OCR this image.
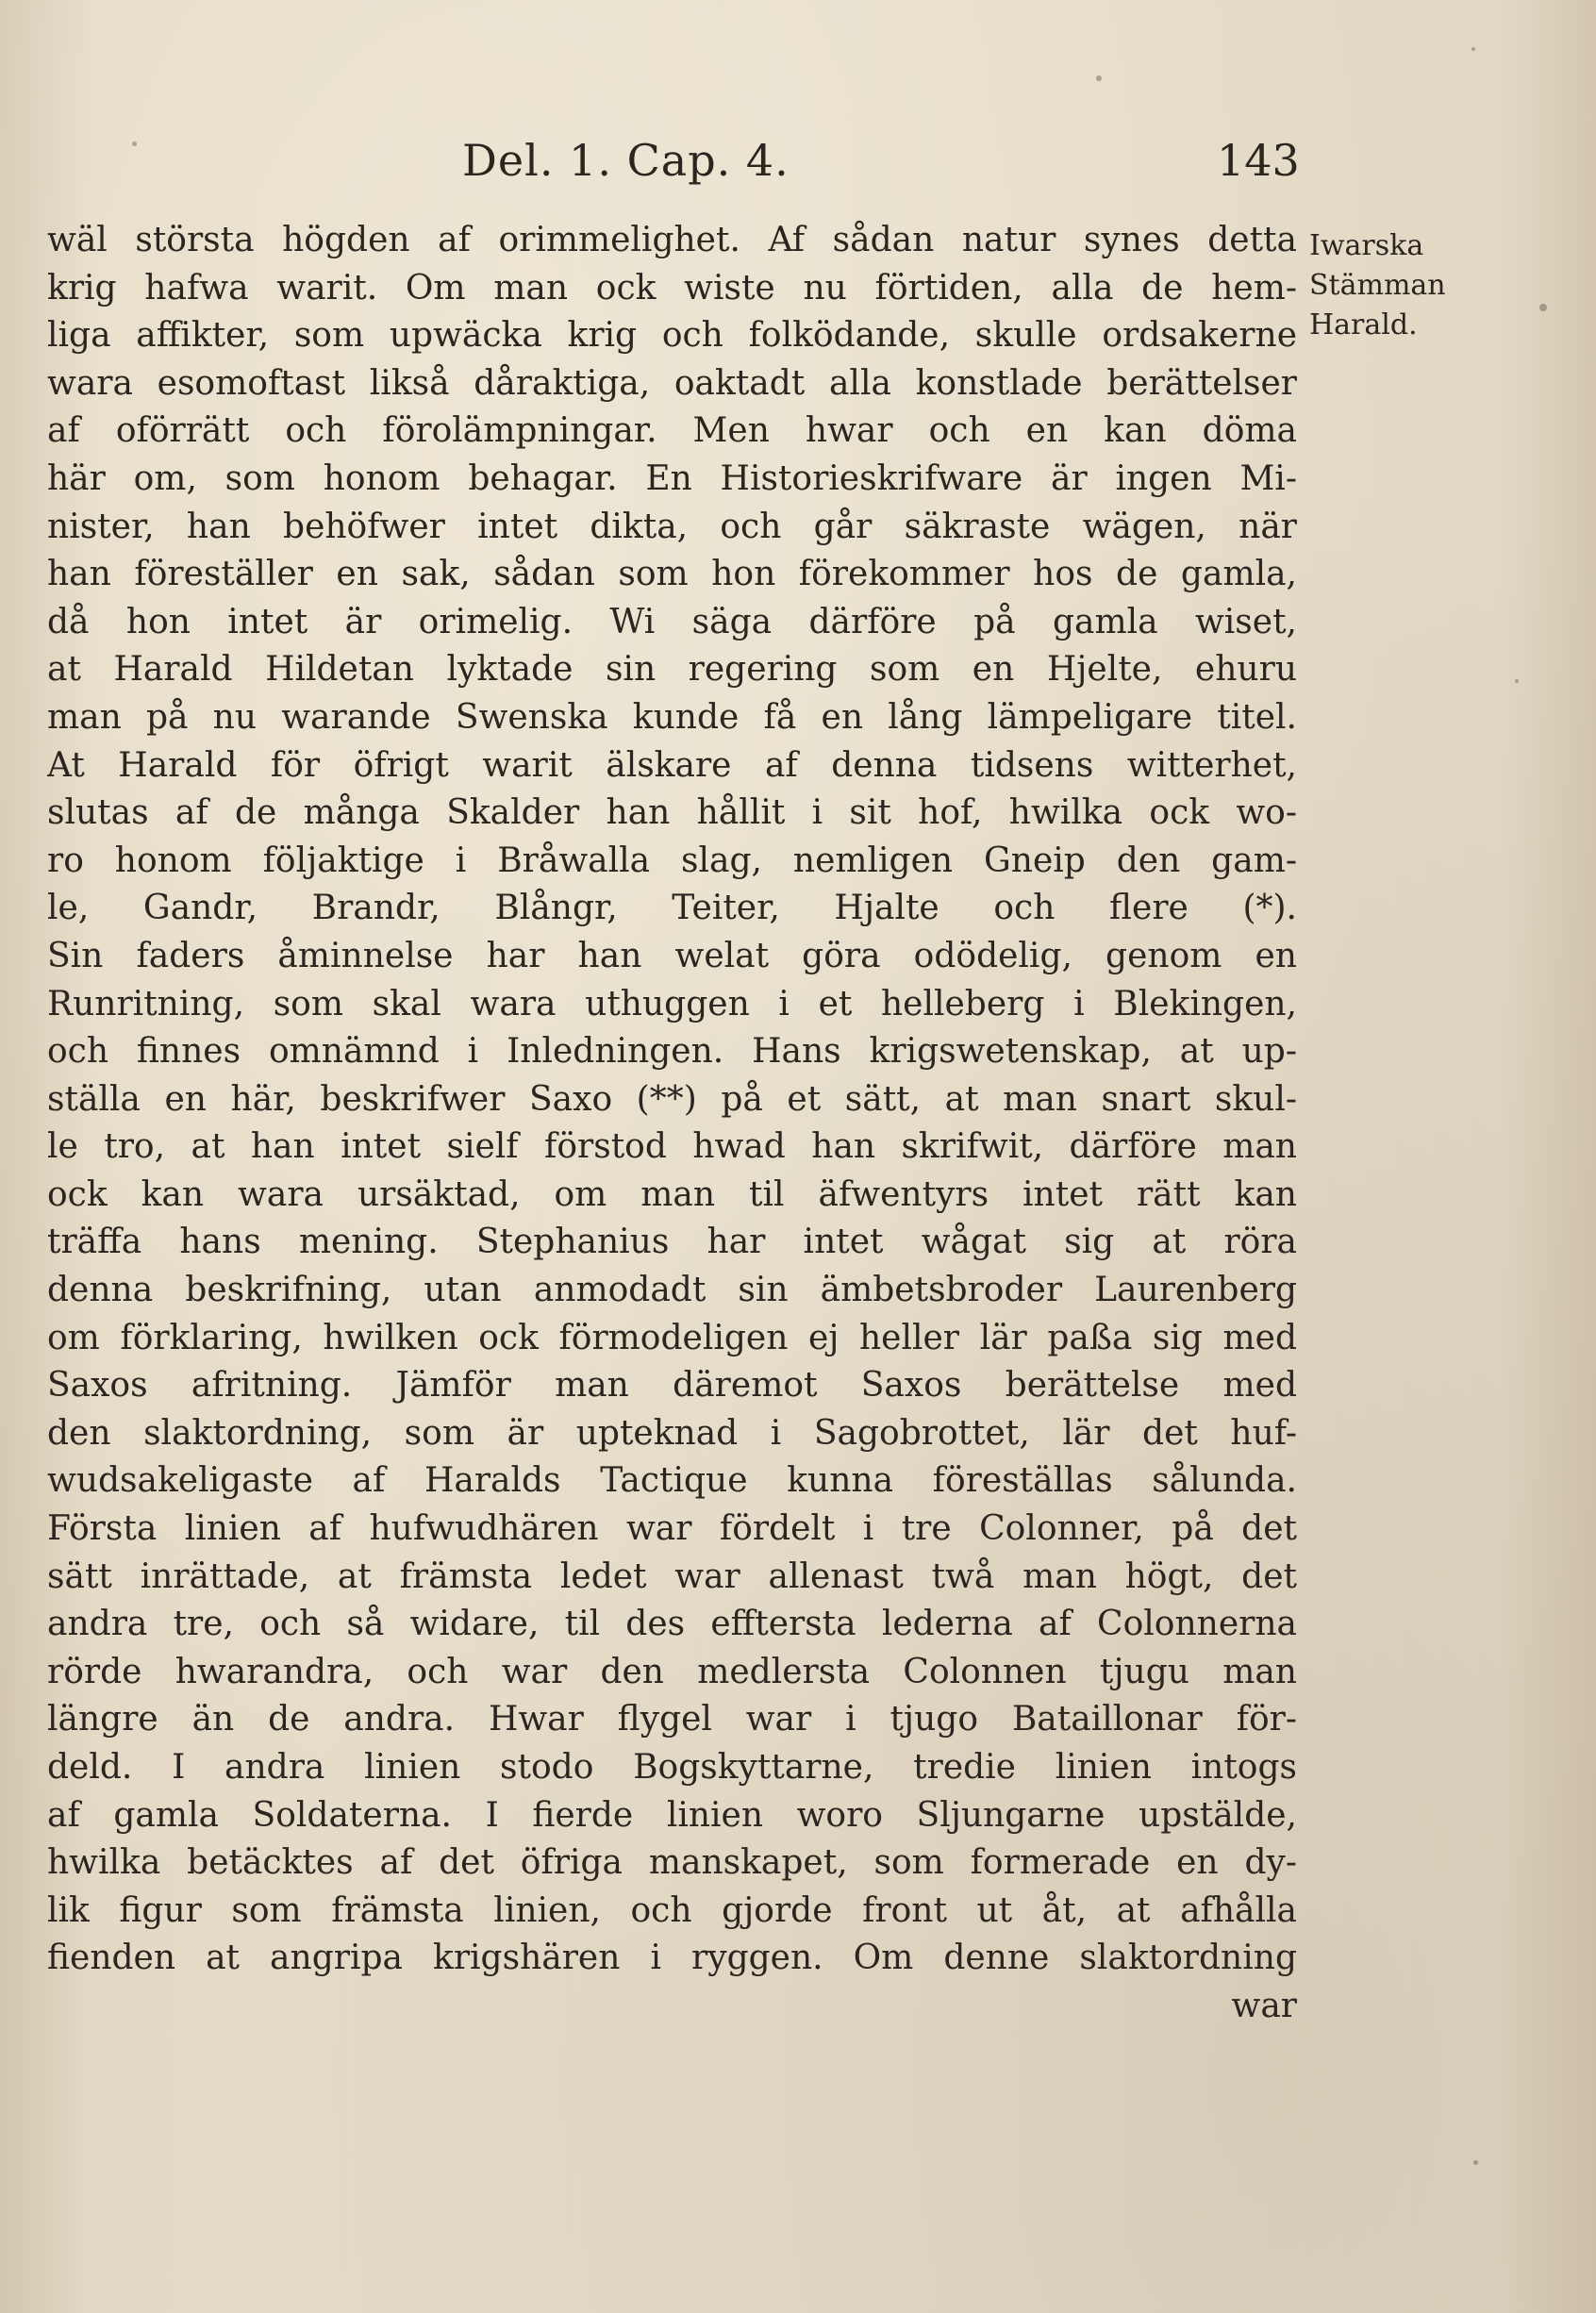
Del. 1. Cap. 4.	143
Iwarska
Stämman
Harald.
wäl största högden af orimmelighet. Af sådan natur synes detta
krig hafwa warit. Om man ock wiste nu förtiden, alla de hem-
liga affikter, som upwäcka krig och folködande, skulle ordsakerne
wara esomoftast likså dåraktiga, oaktadt alla konstlade berättelser
af oförrätt och förolämpningar. Men hwar och en kan döma
här om, som honom behagar. En Historieskrifware är ingen Mi-
nister, han behöfwer intet dikta, och går säkraste wägen, när
han föreställer en sak, sådan som hon förekommer hos de gamla,
då hon intet är orimelig. Wi säga därföre på gamla wiset,
at Harald Hildetan lyktade sin regering som en Hjelte, ehuru
man på nu warande Swenska kunde få en lång lämpeligare titel.
At Harald för öfrigt warit älskare af denna tidsens witterhet,
slutas af de många Skalder han hållit i sit hof, hwilka ock wo-
ro honom följaktige i Bråwalla slag, nemligen Gneip den gam-
le, Gandr, Brandr, Blångr, Teiter, Hjalte och flere (*).
Sin faders åminnelse har han welat göra odödelig, genom en
Runritning, som skal wara uthuggen i et helleberg i Blekingen,
och finnes omnämnd i Inledningen. Hans krigswetenskap, at up-
ställa en här, beskrifwer Saxo (**) på et sätt, at man snart skul-
le tro, at han intet sielf förstod hwad han skrifwit, därföre man
ock kan wara ursäktad, om man til äfwentyrs intet rätt kan
träffa hans mening. Stephanius har intet wågat sig at röra
denna beskrifning, utan anmodadt sin ämbetsbroder Laurenberg
om förklaring, hwilken ock förmodeligen ej heller lär paßa sig med
Saxos afritning. Jämför man däremot Saxos berättelse med
den slaktordning, som är upteknad i Sagobrottet, lär det huf-
wudsakeligaste af Haralds Tactique kunna föreställas sålunda.
Första linien af hufwudhären war fördelt i tre Colonner, på det
sätt inrättade, at främsta ledet war allenast twå man högt, det
andra tre, och så widare, til des efftersta lederna af Colonnerna
rörde hwarandra, och war den medlersta Colonnen tjugu man
längre än de andra. Hwar flygel war i tjugo Bataillonar för-
deld. I andra linien stodo Bogskyttarne, tredie linien intogs
af gamla Soldaterna. I fierde linien woro Sljungarne upstälde,
hwilka betäcktes af det öfriga manskapet, som formerade en dy-
lik figur som främsta linien, och gjorde front ut åt, at afhålla
fienden at angripa krigshären i ryggen. Om denne slaktordning
war
